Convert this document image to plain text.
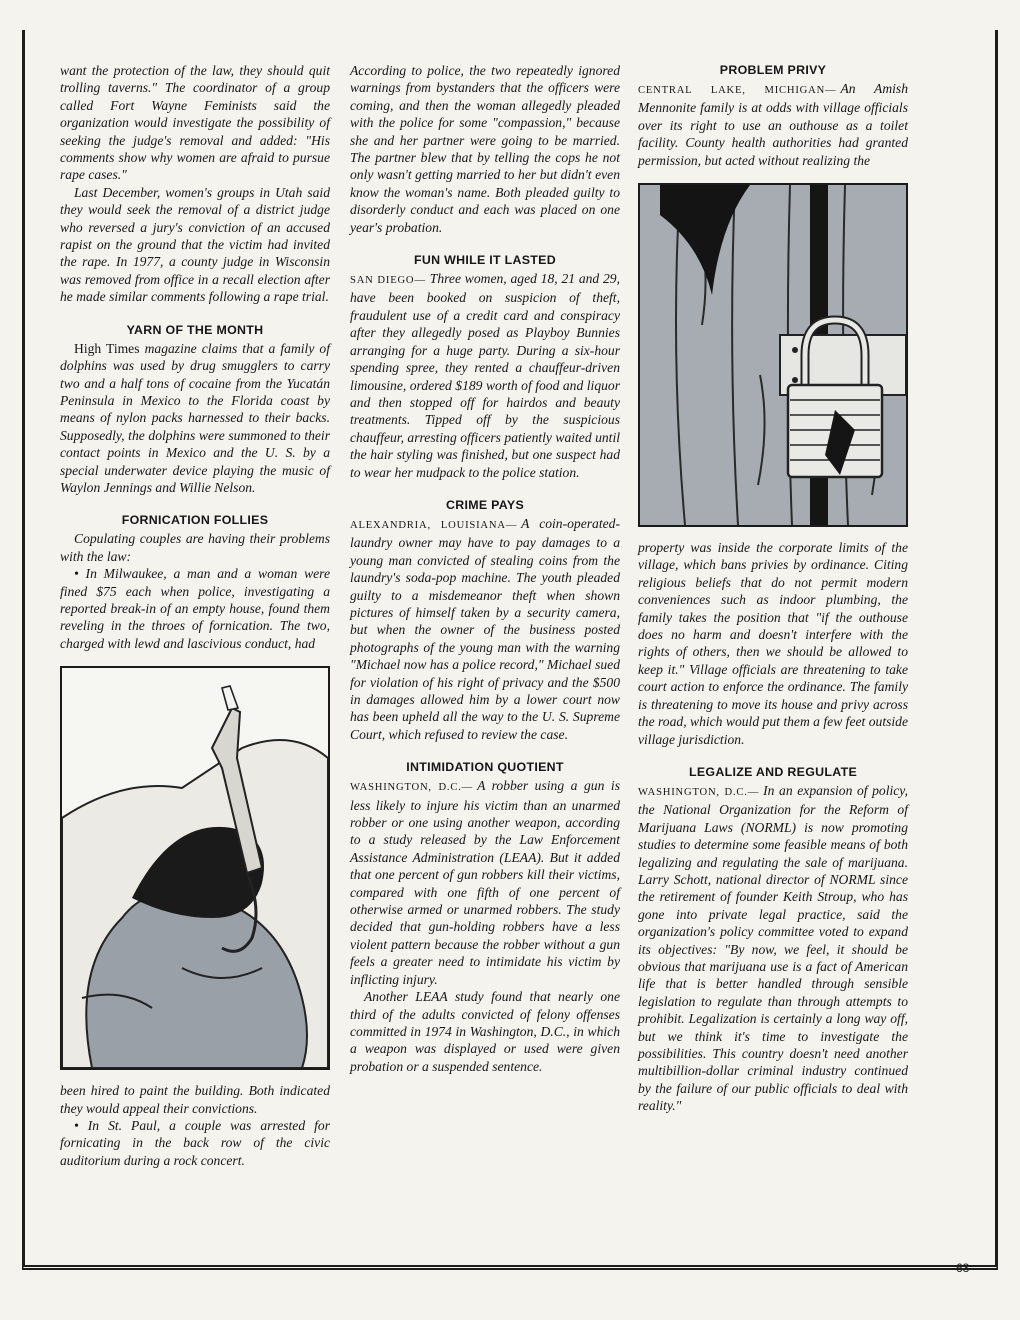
want the protection of the law, they should quit trolling taverns." The coordinator of a group called Fort Wayne Feminists said the organization would investigate the possibility of seeking the judge's removal and added: "His comments show why women are afraid to pursue rape cases."

Last December, women's groups in Utah said they would seek the removal of a district judge who reversed a jury's conviction of an accused rapist on the ground that the victim had invited the rape. In 1977, a county judge in Wisconsin was removed from office in a recall election after he made similar comments following a rape trial.

YARN OF THE MONTH

High Times magazine claims that a family of dolphins was used by drug smugglers to carry two and a half tons of cocaine from the Yucatán Peninsula in Mexico to the Florida coast by means of nylon packs harnessed to their backs. Supposedly, the dolphins were summoned to their contact points in Mexico and the U. S. by a special underwater device playing the music of Waylon Jennings and Willie Nelson.

FORNICATION FOLLIES

Copulating couples are having their problems with the law:

• In Milwaukee, a man and a woman were fined $75 each when police, investigating a reported break-in of an empty house, found them reveling in the throes of fornication. The two, charged with lewd and lascivious conduct, had

been hired to paint the building. Both indicated they would appeal their convictions.

• In St. Paul, a couple was arrested for fornicating in the back row of the civic auditorium during a rock concert.

According to police, the two repeatedly ignored warnings from bystanders that the officers were coming, and then the woman allegedly pleaded with the police for some "compassion," because she and her partner were going to be married. The partner blew that by telling the cops he not only wasn't getting married to her but didn't even know the woman's name. Both pleaded guilty to disorderly conduct and each was placed on one year's probation.

FUN WHILE IT LASTED

SAN DIEGO— Three women, aged 18, 21 and 29, have been booked on suspicion of theft, fraudulent use of a credit card and conspiracy after they allegedly posed as Playboy Bunnies arranging for a huge party. During a six-hour spending spree, they rented a chauffeur-driven limousine, ordered $189 worth of food and liquor and then stopped off for hairdos and beauty treatments. Tipped off by the suspicious chauffeur, arresting officers patiently waited until the hair styling was finished, but one suspect had to wear her mudpack to the police station.

CRIME PAYS

ALEXANDRIA, LOUISIANA— A coin-operated-laundry owner may have to pay damages to a young man convicted of stealing coins from the laundry's soda-pop machine. The youth pleaded guilty to a misdemeanor theft when shown pictures of himself taken by a security camera, but when the owner of the business posted photographs of the young man with the warning "Michael now has a police record," Michael sued for violation of his right of privacy and the $500 in damages allowed him by a lower court now has been upheld all the way to the U. S. Supreme Court, which refused to review the case.

INTIMIDATION QUOTIENT

WASHINGTON, D.C.— A robber using a gun is less likely to injure his victim than an unarmed robber or one using another weapon, according to a study released by the Law Enforcement Assistance Administration (LEAA). But it added that one percent of gun robbers kill their victims, compared with one fifth of one percent of otherwise armed or unarmed robbers. The study decided that gun-holding robbers have a less violent pattern because the robber without a gun feels a greater need to intimidate his victim by inflicting injury.

Another LEAA study found that nearly one third of the adults convicted of felony offenses committed in 1974 in Washington, D.C., in which a weapon was displayed or used were given probation or a suspended sentence.

PROBLEM PRIVY

CENTRAL LAKE, MICHIGAN— An Amish Mennonite family is at odds with village officials over its right to use an outhouse as a toilet facility. County health authorities had granted permission, but acted without realizing the

property was inside the corporate limits of the village, which bans privies by ordinance. Citing religious beliefs that do not permit modern conveniences such as indoor plumbing, the family takes the position that "if the outhouse does no harm and doesn't interfere with the rights of others, then we should be allowed to keep it." Village officials are threatening to take court action to enforce the ordinance. The family is threatening to move its house and privy across the road, which would put them a few feet outside village jurisdiction.

LEGALIZE AND REGULATE

WASHINGTON, D.C.— In an expansion of policy, the National Organization for the Reform of Marijuana Laws (NORML) is now promoting studies to determine some feasible means of both legalizing and regulating the sale of marijuana. Larry Schott, national director of NORML since the retirement of founder Keith Stroup, who has gone into private legal practice, said the organization's policy committee voted to expand its objectives: "By now, we feel, it should be obvious that marijuana use is a fact of American life that is better handled through sensible legislation to regulate than through attempts to prohibit. Legalization is certainly a long way off, but we think it's time to investigate the possibilities. This country doesn't need another multibillion-dollar criminal industry continued by the failure of our public officials to deal with reality."

63
